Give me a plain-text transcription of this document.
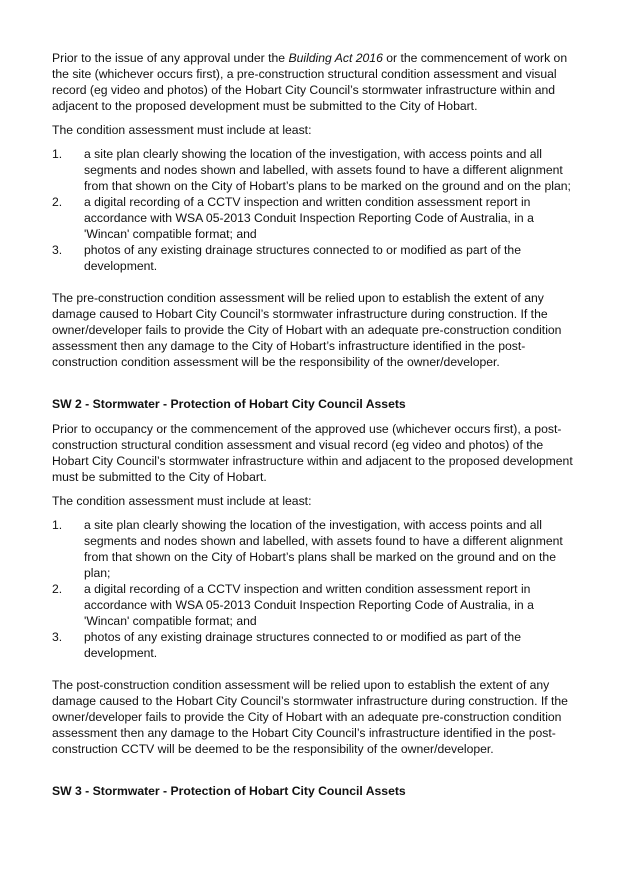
Prior to the issue of any approval under the Building Act 2016 or the commencement of work on the site (whichever occurs first), a pre-construction structural condition assessment and visual record (eg video and photos) of the Hobart City Council’s stormwater infrastructure within and adjacent to the proposed development must be submitted to the City of Hobart.

The condition assessment must include at least:

1. a site plan clearly showing the location of the investigation, with access points and all segments and nodes shown and labelled, with assets found to have a different alignment from that shown on the City of Hobart’s plans to be marked on the ground and on the plan;
2. a digital recording of a CCTV inspection and written condition assessment report in accordance with WSA 05-2013 Conduit Inspection Reporting Code of Australia, in a 'Wincan' compatible format; and
3. photos of any existing drainage structures connected to or modified as part of the development.

The pre-construction condition assessment will be relied upon to establish the extent of any damage caused to Hobart City Council’s stormwater infrastructure during construction. If the owner/developer fails to provide the City of Hobart with an adequate pre-construction condition assessment then any damage to the City of Hobart’s infrastructure identified in the post-construction condition assessment will be the responsibility of the owner/developer.

SW 2 - Stormwater - Protection of Hobart City Council Assets

Prior to occupancy or the commencement of the approved use (whichever occurs first), a post-construction structural condition assessment and visual record (eg video and photos) of the Hobart City Council’s stormwater infrastructure within and adjacent to the proposed development must be submitted to the City of Hobart.

The condition assessment must include at least:

1. a site plan clearly showing the location of the investigation, with access points and all segments and nodes shown and labelled, with assets found to have a different alignment from that shown on the City of Hobart’s plans shall be marked on the ground and on the plan;
2. a digital recording of a CCTV inspection and written condition assessment report in accordance with WSA 05-2013 Conduit Inspection Reporting Code of Australia, in a 'Wincan' compatible format; and
3. photos of any existing drainage structures connected to or modified as part of the development.

The post-construction condition assessment will be relied upon to establish the extent of any damage caused to the Hobart City Council’s stormwater infrastructure during construction. If the owner/developer fails to provide the City of Hobart with an adequate pre-construction condition assessment then any damage to the Hobart City Council’s infrastructure identified in the post-construction CCTV will be deemed to be the responsibility of the owner/developer.

SW 3 - Stormwater - Protection of Hobart City Council Assets
